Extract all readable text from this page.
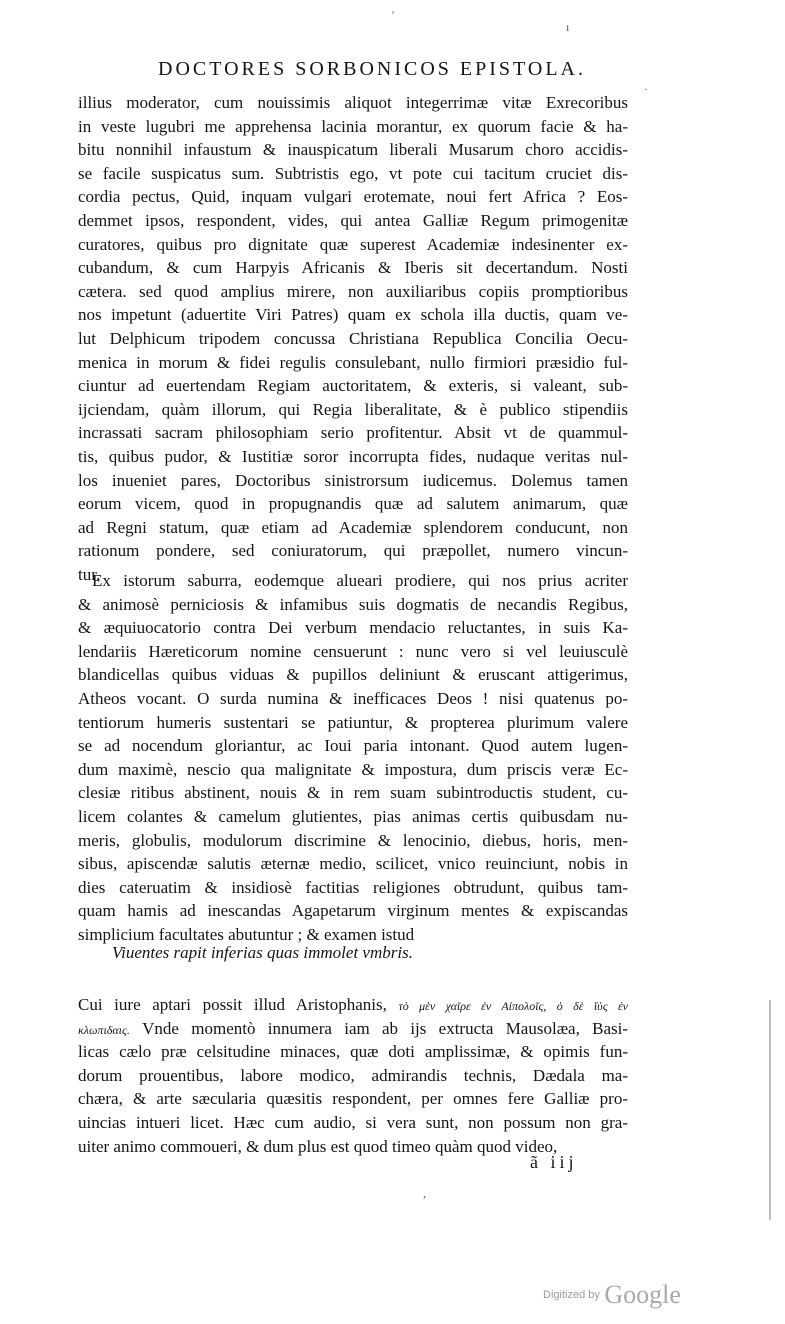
'
ı
·
DOCTORES SORBONICOS EPISTOLA.
illius moderator, cum nouissimis aliquot integerrimæ vitæ Exrecoribus
in veste lugubri me apprehensa lacinia morantur, ex quorum facie & ha-
bitu nonnihil infaustum & inauspicatum liberali Musarum choro accidis-
se facile suspicatus sum. Subtristis ego, vt pote cui tacitum cruciet dis-
cordia pectus, Quid, inquam vulgari erotemate, noui fert Africa ? Eos-
demmet ipsos, respondent, vides, qui antea Galliæ Regum primogenitæ
curatores, quibus pro dignitate quæ superest Academiæ indesinenter ex-
cubandum, & cum Harpyis Africanis & Iberis sit decertandum. Nosti
cætera. sed quod amplius mirere, non auxiliaribus copiis promptioribus
nos impetunt (aduertite Viri Patres) quam ex schola illa ductis, quam ve-
lut Delphicum tripodem concussa Christiana Republica Concilia Oecu-
menica in morum & fidei regulis consulebant, nullo firmiori præsidio ful-
ciuntur ad euertendam Regiam auctoritatem, & exteris, si valeant, sub-
ijciendam, quàm illorum, qui Regia liberalitate, & è publico stipendiis
incrassati sacram philosophiam serio profitentur. Absit vt de quammul-
tis, quibus pudor, & Iustitiæ soror incorrupta fides, nudaque veritas nul-
los inueniet pares, Doctoribus sinistrorsum iudicemus. Dolemus tamen
eorum vicem, quod in propugnandis quæ ad salutem animarum, quæ
ad Regni statum, quæ etiam ad Academiæ splendorem conducunt, non
rationum pondere, sed coniuratorum, qui præpollet, numero vincun-
tur.
Ex istorum saburra, eodemque alueari prodiere, qui nos prius acriter
& animosè perniciosis & infamibus suis dogmatis de necandis Regibus,
& æquiuocatorio contra Dei verbum mendacio reluctantes, in suis Ka-
lendariis Hæreticorum nomine censuerunt : nunc vero si vel leuiusculè
blandicellas quibus viduas & pupillos deliniunt & eruscant attigerimus,
Atheos vocant. O surda numina & inefficaces Deos ! nisi quatenus po-
tentiorum humeris sustentari se patiuntur, & propterea plurimum valere
se ad nocendum gloriantur, ac Ioui paria intonant. Quod autem lugen-
dum maximè, nescio qua malignitate & impostura, dum priscis veræ Ec-
clesiæ ritibus abstinent, nouis & in rem suam subintroductis student, cu-
licem colantes & camelum glutientes, pias animas certis quibusdam nu-
meris, globulis, modulorum discrimine & lenocinio, diebus, horis, men-
sibus, apiscendæ salutis æternæ medio, scilicet, vnico reuinciunt, nobis in
dies cateruatim & insidiosè factitias religiones obtrudunt, quibus tam-
quam hamis ad inescandas Agapetarum virginum mentes & expiscandas
simplicium facultates abutuntur ; & examen istud
Viuentes rapit inferias quas immolet vmbris.
Cui iure aptari possit illud Aristophanis, τὸ μὲν χαῖρε ἐν Αἰπολοῖς, ὁ δὲ ἵὑς ἐν
κλωπιδαις. Vnde momentò innumera iam ab ijs extructa Mausolæa, Basi-
licas cælo præ celsitudine minaces, quæ doti amplissimæ, & opimis fun-
dorum prouentibus, labore modico, admirandis technis, Dædala ma-
chæra, & arte sæcularia quæsitis respondent, per omnes fere Galliæ pro-
uincias intueri licet. Hæc cum audio, si vera sunt, non possum non gra-
uiter animo commoueri, & dum plus est quod timeo quàm quod video,
ã iij
,
Digitized by Google
